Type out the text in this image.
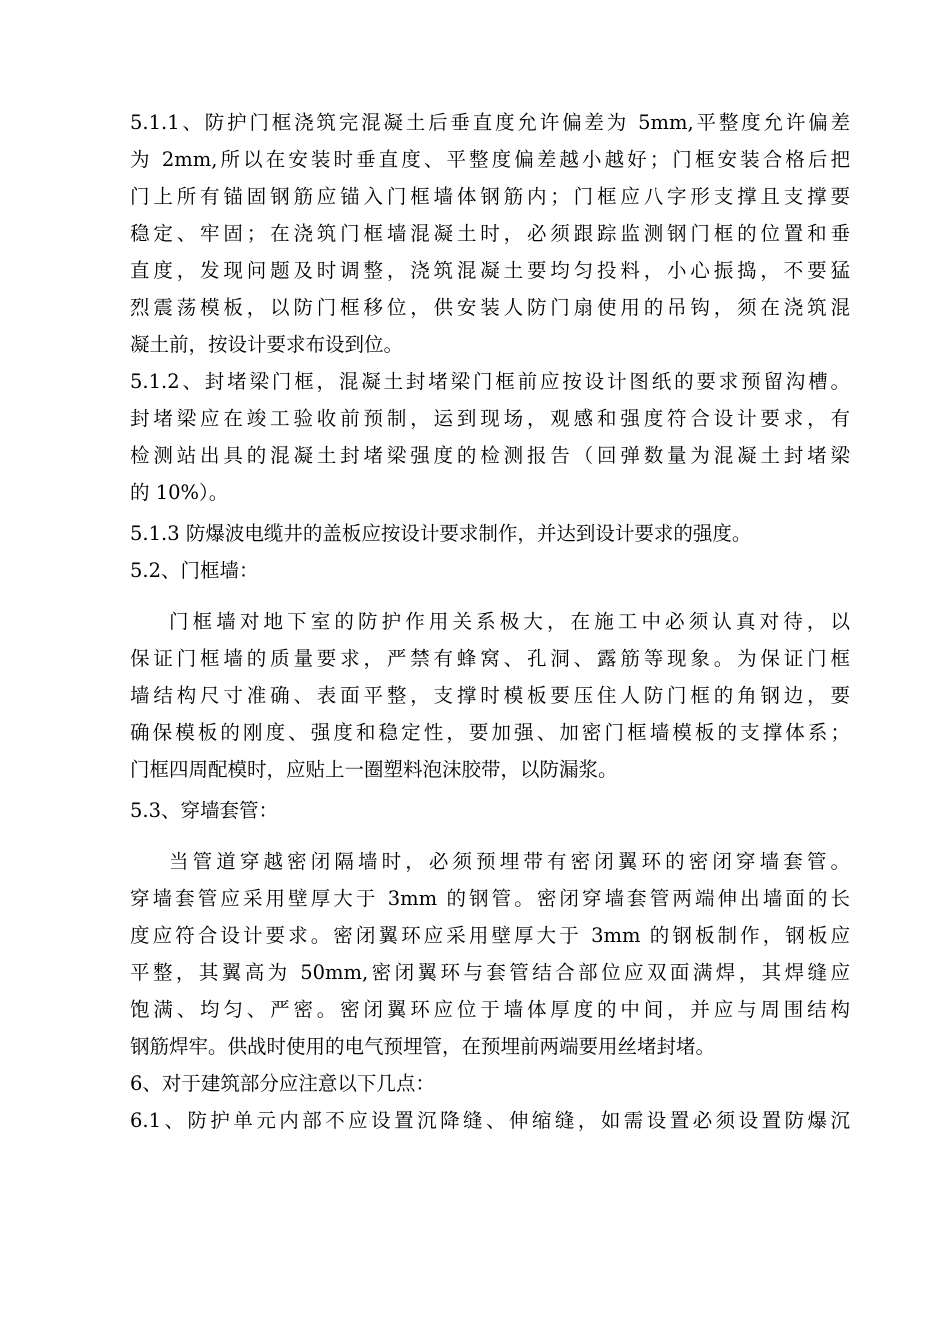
5.1.1、防护门框浇筑完混凝土后垂直度允许偏差为 5mm,平整度允许偏差
为 2mm,所以在安装时垂直度、平整度偏差越小越好；门框安装合格后把
门上所有锚固钢筋应锚入门框墙体钢筋内；门框应八字形支撑且支撑要
稳定、牢固；在浇筑门框墙混凝土时，必须跟踪监测钢门框的位置和垂
直度，发现问题及时调整，浇筑混凝土要均匀投料，小心振捣，不要猛
烈震荡模板，以防门框移位，供安装人防门扇使用的吊钩，须在浇筑混
凝土前，按设计要求布设到位。
5.1.2、封堵梁门框，混凝土封堵梁门框前应按设计图纸的要求预留沟槽。
封堵梁应在竣工验收前预制，运到现场，观感和强度符合设计要求，有
检测站出具的混凝土封堵梁强度的检测报告（回弹数量为混凝土封堵梁
的 10%）。
5.1.3 防爆波电缆井的盖板应按设计要求制作，并达到设计要求的强度。
5.2、门框墙：
门框墙对地下室的防护作用关系极大，在施工中必须认真对待，以
保证门框墙的质量要求，严禁有蜂窝、孔洞、露筋等现象。为保证门框
墙结构尺寸准确、表面平整，支撑时模板要压住人防门框的角钢边，要
确保模板的刚度、强度和稳定性，要加强、加密门框墙模板的支撑体系；
门框四周配模时，应贴上一圈塑料泡沫胶带，以防漏浆。
5.3、穿墙套管：
当管道穿越密闭隔墙时，必须预埋带有密闭翼环的密闭穿墙套管。
穿墙套管应采用壁厚大于 3mm 的钢管。密闭穿墙套管两端伸出墙面的长
度应符合设计要求。密闭翼环应采用壁厚大于 3mm 的钢板制作，钢板应
平整，其翼高为 50mm,密闭翼环与套管结合部位应双面满焊，其焊缝应
饱满、均匀、严密。密闭翼环应位于墙体厚度的中间，并应与周围结构
钢筋焊牢。供战时使用的电气预埋管，在预埋前两端要用丝堵封堵。
6、对于建筑部分应注意以下几点：
6.1、防护单元内部不应设置沉降缝、伸缩缝，如需设置必须设置防爆沉
